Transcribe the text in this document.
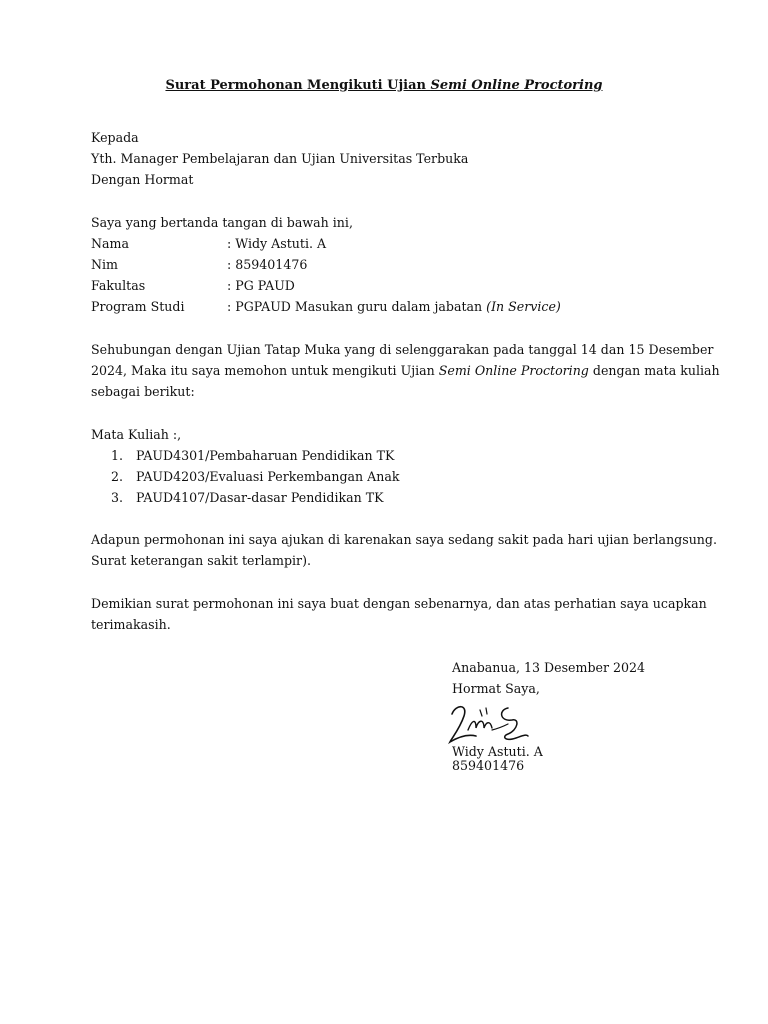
Surat Permohonan Mengikuti Ujian Semi Online Proctoring
Kepada
Yth. Manager Pembelajaran dan Ujian Universitas Terbuka
Dengan Hormat
Saya yang bertanda tangan di bawah ini,
Nama	: Widy Astuti. A
Nim	: 859401476
Fakultas	: PG PAUD
Program Studi	: PGPAUD Masukan guru dalam jabatan (In Service)
Sehubungan dengan Ujian Tatap Muka yang di selenggarakan pada tanggal 14 dan 15 Desember
2024, Maka itu saya memohon untuk mengikuti Ujian Semi Online Proctoring dengan mata kuliah
sebagai berikut:
Mata Kuliah :,
1. PAUD4301/Pembaharuan Pendidikan TK
2. PAUD4203/Evaluasi Perkembangan Anak
3. PAUD4107/Dasar-dasar Pendidikan TK
Adapun permohonan ini saya ajukan di karenakan saya sedang sakit pada hari ujian berlangsung.
Surat keterangan sakit terlampir).
Demikian surat permohonan ini saya buat dengan sebenarnya, dan atas perhatian saya ucapkan
terimakasih.
Anabanua, 13 Desember 2024
Hormat Saya,
Widy Astuti. A
859401476
